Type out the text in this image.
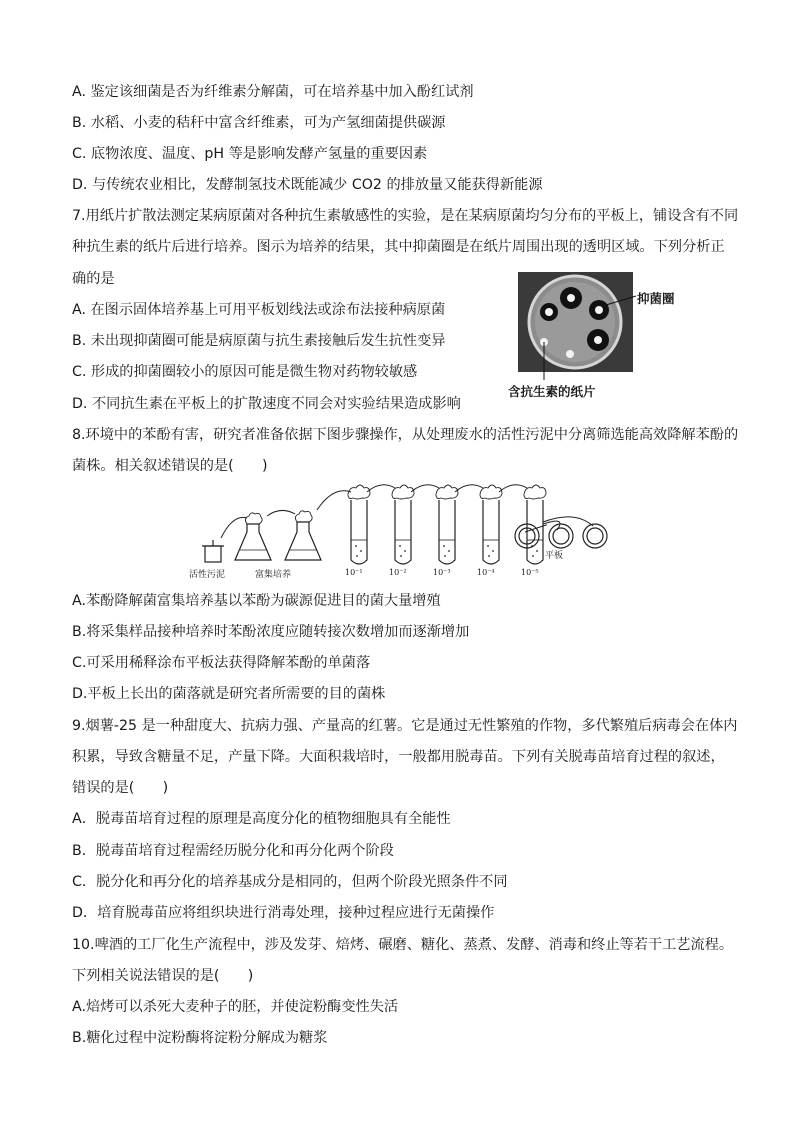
A. 鉴定该细菌是否为纤维素分解菌，可在培养基中加入酚红试剂
B. 水稻、小麦的秸秆中富含纤维素，可为产氢细菌提供碳源
C. 底物浓度、温度、pH 等是影响发酵产氢量的重要因素
D. 与传统农业相比，发酵制氢技术既能减少 CO2 的排放量又能获得新能源
7.用纸片扩散法测定某病原菌对各种抗生素敏感性的实验，是在某病原菌均匀分布的平板上，铺设含有不同
种抗生素的纸片后进行培养。图示为培养的结果，其中抑菌圈是在纸片周围出现的透明区域。下列分析正
确的是
A. 在图示固体培养基上可用平板划线法或涂布法接种病原菌
B. 未出现抑菌圈可能是病原菌与抗生素接触后发生抗性变异
C. 形成的抑菌圈较小的原因可能是微生物对药物较敏感
D. 不同抗生素在平板上的扩散速度不同会对实验结果造成影响
抑菌圈
含抗生素的纸片
8.环境中的苯酚有害，研究者准备依据下图步骤操作，从处理废水的活性污泥中分离筛选能高效降解苯酚的
菌株。相关叙述错误的是(　　)
活性污泥	富集培养
平板
10⁻¹	10⁻²	10⁻³	10⁻⁴	10⁻⁵
A.苯酚降解菌富集培养基以苯酚为碳源促进目的菌大量增殖
B.将采集样品接种培养时苯酚浓度应随转接次数增加而逐渐增加
C.可采用稀释涂布平板法获得降解苯酚的单菌落
D.平板上长出的菌落就是研究者所需要的目的菌株
9.烟薯-25 是一种甜度大、抗病力强、产量高的红薯。它是通过无性繁殖的作物，多代繁殖后病毒会在体内
积累，导致含糖量不足，产量下降。大面积栽培时，一般都用脱毒苗。下列有关脱毒苗培育过程的叙述，
错误的是(　　)
A．脱毒苗培育过程的原理是高度分化的植物细胞具有全能性
B．脱毒苗培育过程需经历脱分化和再分化两个阶段
C．脱分化和再分化的培养基成分是相同的，但两个阶段光照条件不同
D．培育脱毒苗应将组织块进行消毒处理，接种过程应进行无菌操作
10.啤酒的工厂化生产流程中，涉及发芽、焙烤、碾磨、糖化、蒸煮、发酵、消毒和终止等若干工艺流程。
下列相关说法错误的是(　　)
A.焙烤可以杀死大麦种子的胚，并使淀粉酶变性失活
B.糖化过程中淀粉酶将淀粉分解成为糖浆
